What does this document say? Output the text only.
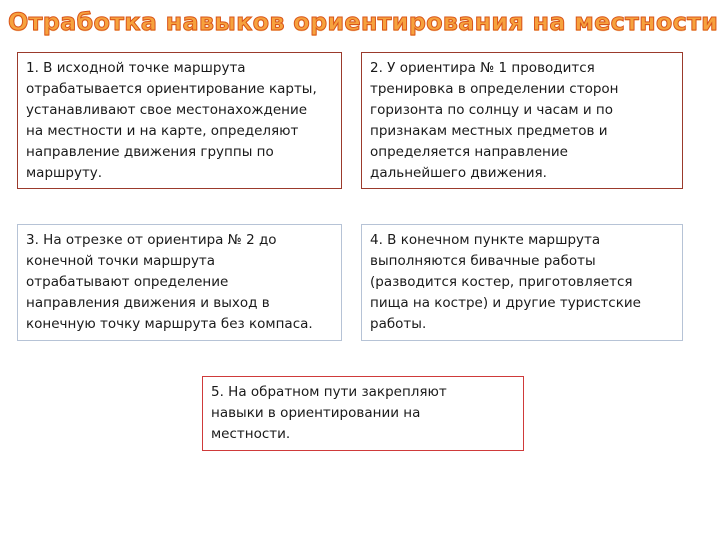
Отработка навыков ориентирования на местности
1. В исходной точке маршрута
отрабатывается ориентирование карты,
устанавливают свое местонахождение
на местности и на карте, определяют
направление движения группы по
маршруту.
2. У ориентира № 1 проводится
тренировка в определении сторон
горизонта по солнцу и часам и по
признакам местных предметов и
определяется направление
дальнейшего движения.
3. На отрезке от ориентира № 2 до
конечной точки маршрута
отрабатывают определение
направления движения и выход в
конечную точку маршрута без компаса.
4. В конечном пункте маршрута
выполняются бивачные работы
(разводится костер, приготовляется
пища на костре) и другие туристские
работы.
5. На обратном пути закрепляют
навыки в ориентировании на
местности.
